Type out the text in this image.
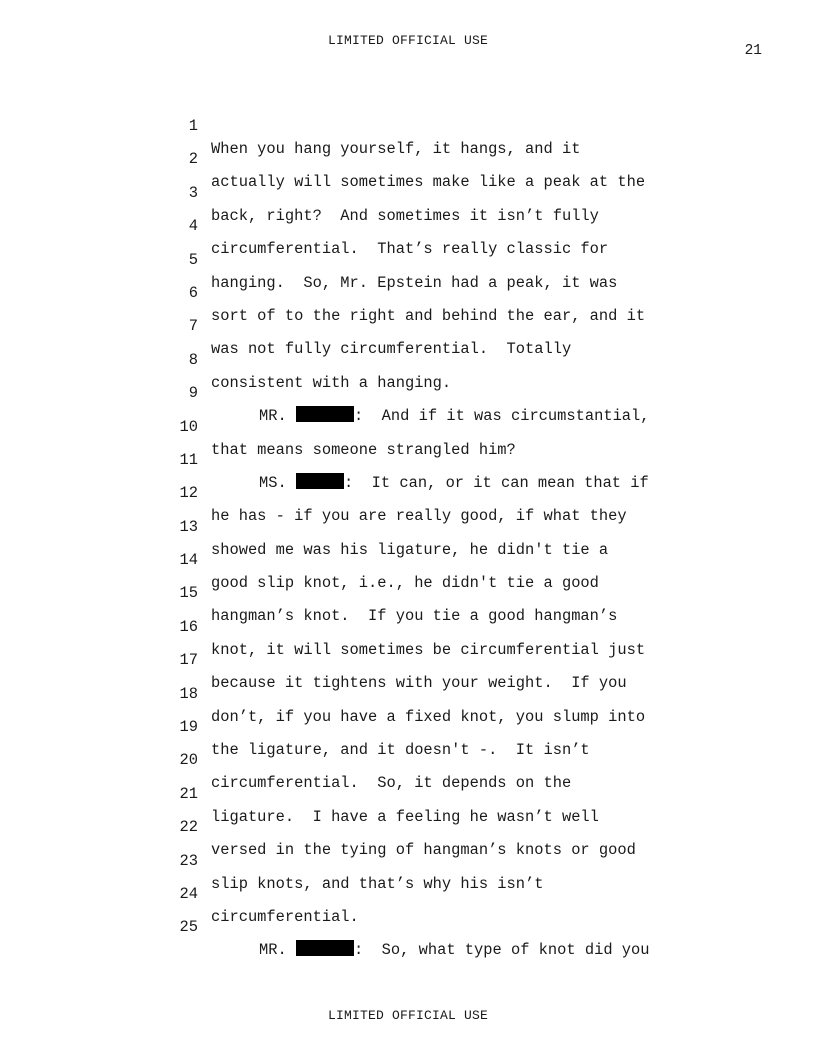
LIMITED OFFICIAL USE
21

1

When you hang yourself, it hangs, and it

2

actually will sometimes make like a peak at the

3

back, right?  And sometimes it isn’t fully

4

circumferential.  That’s really classic for

5

hanging.  So, Mr. Epstein had a peak, it was

6

sort of to the right and behind the ear, and it

7

was not fully circumferential.  Totally

8

consistent with a hanging.

9

MR.	:  And if it was circumstantial,

10

that means someone strangled him?

11

MS.	:  It can, or it can mean that if

12

he has - if you are really good, if what they

13

showed me was his ligature, he didn't tie a

14

good slip knot, i.e., he didn't tie a good

15

hangman’s knot.  If you tie a good hangman’s

16

knot, it will sometimes be circumferential just

17

because it tightens with your weight.  If you

18

don’t, if you have a fixed knot, you slump into

19

the ligature, and it doesn't -.  It isn’t

20

circumferential.  So, it depends on the

21

ligature.  I have a feeling he wasn’t well

22

versed in the tying of hangman’s knots or good

23

slip knots, and that’s why his isn’t

24

circumferential.

25

MR.	:  So, what type of knot did you

LIMITED OFFICIAL USE
